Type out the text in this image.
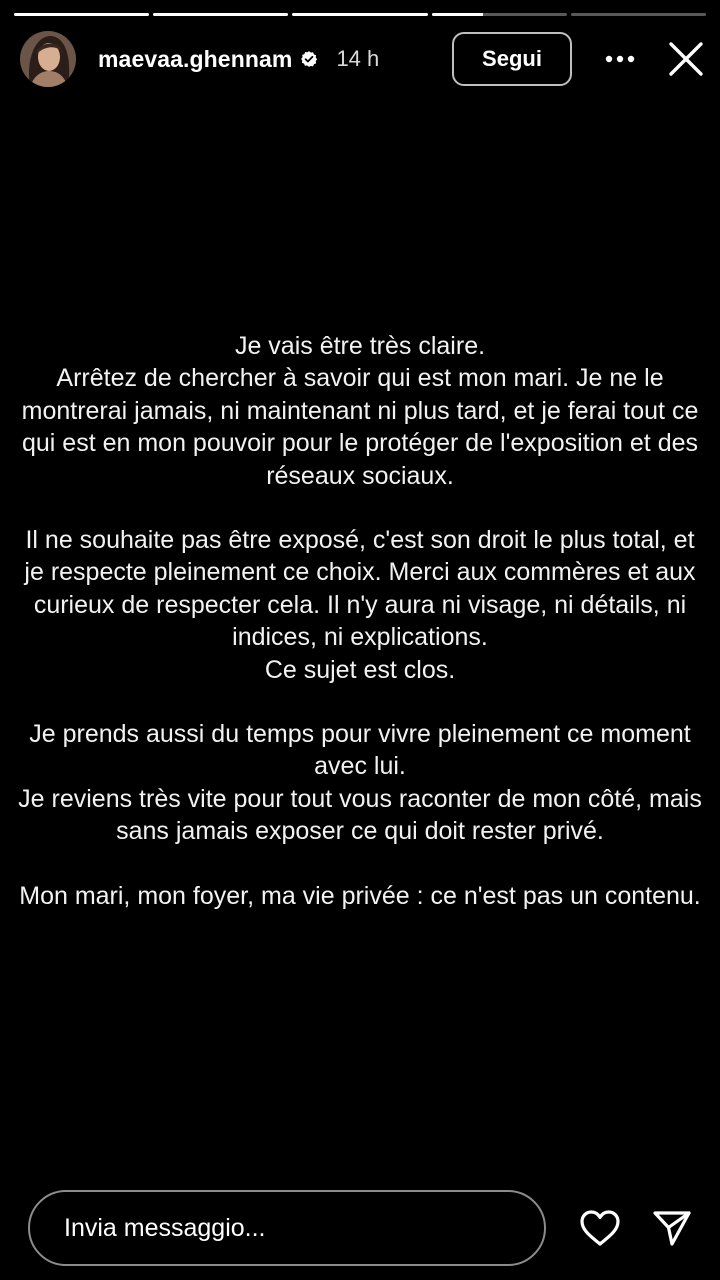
maevaa.ghennam 14 h	Segui

Je vais être très claire.
Arrêtez de chercher à savoir qui est mon mari. Je ne le montrerai jamais, ni maintenant ni plus tard, et je ferai tout ce qui est en mon pouvoir pour le protéger de l'exposition et des réseaux sociaux.

Il ne souhaite pas être exposé, c'est son droit le plus total, et je respecte pleinement ce choix. Merci aux commères et aux curieux de respecter cela. Il n'y aura ni visage, ni détails, ni indices, ni explications.
Ce sujet est clos.

Je prends aussi du temps pour vivre pleinement ce moment avec lui.
Je reviens très vite pour tout vous raconter de mon côté, mais sans jamais exposer ce qui doit rester privé.

Mon mari, mon foyer, ma vie privée : ce n'est pas un contenu.

Invia messaggio...
